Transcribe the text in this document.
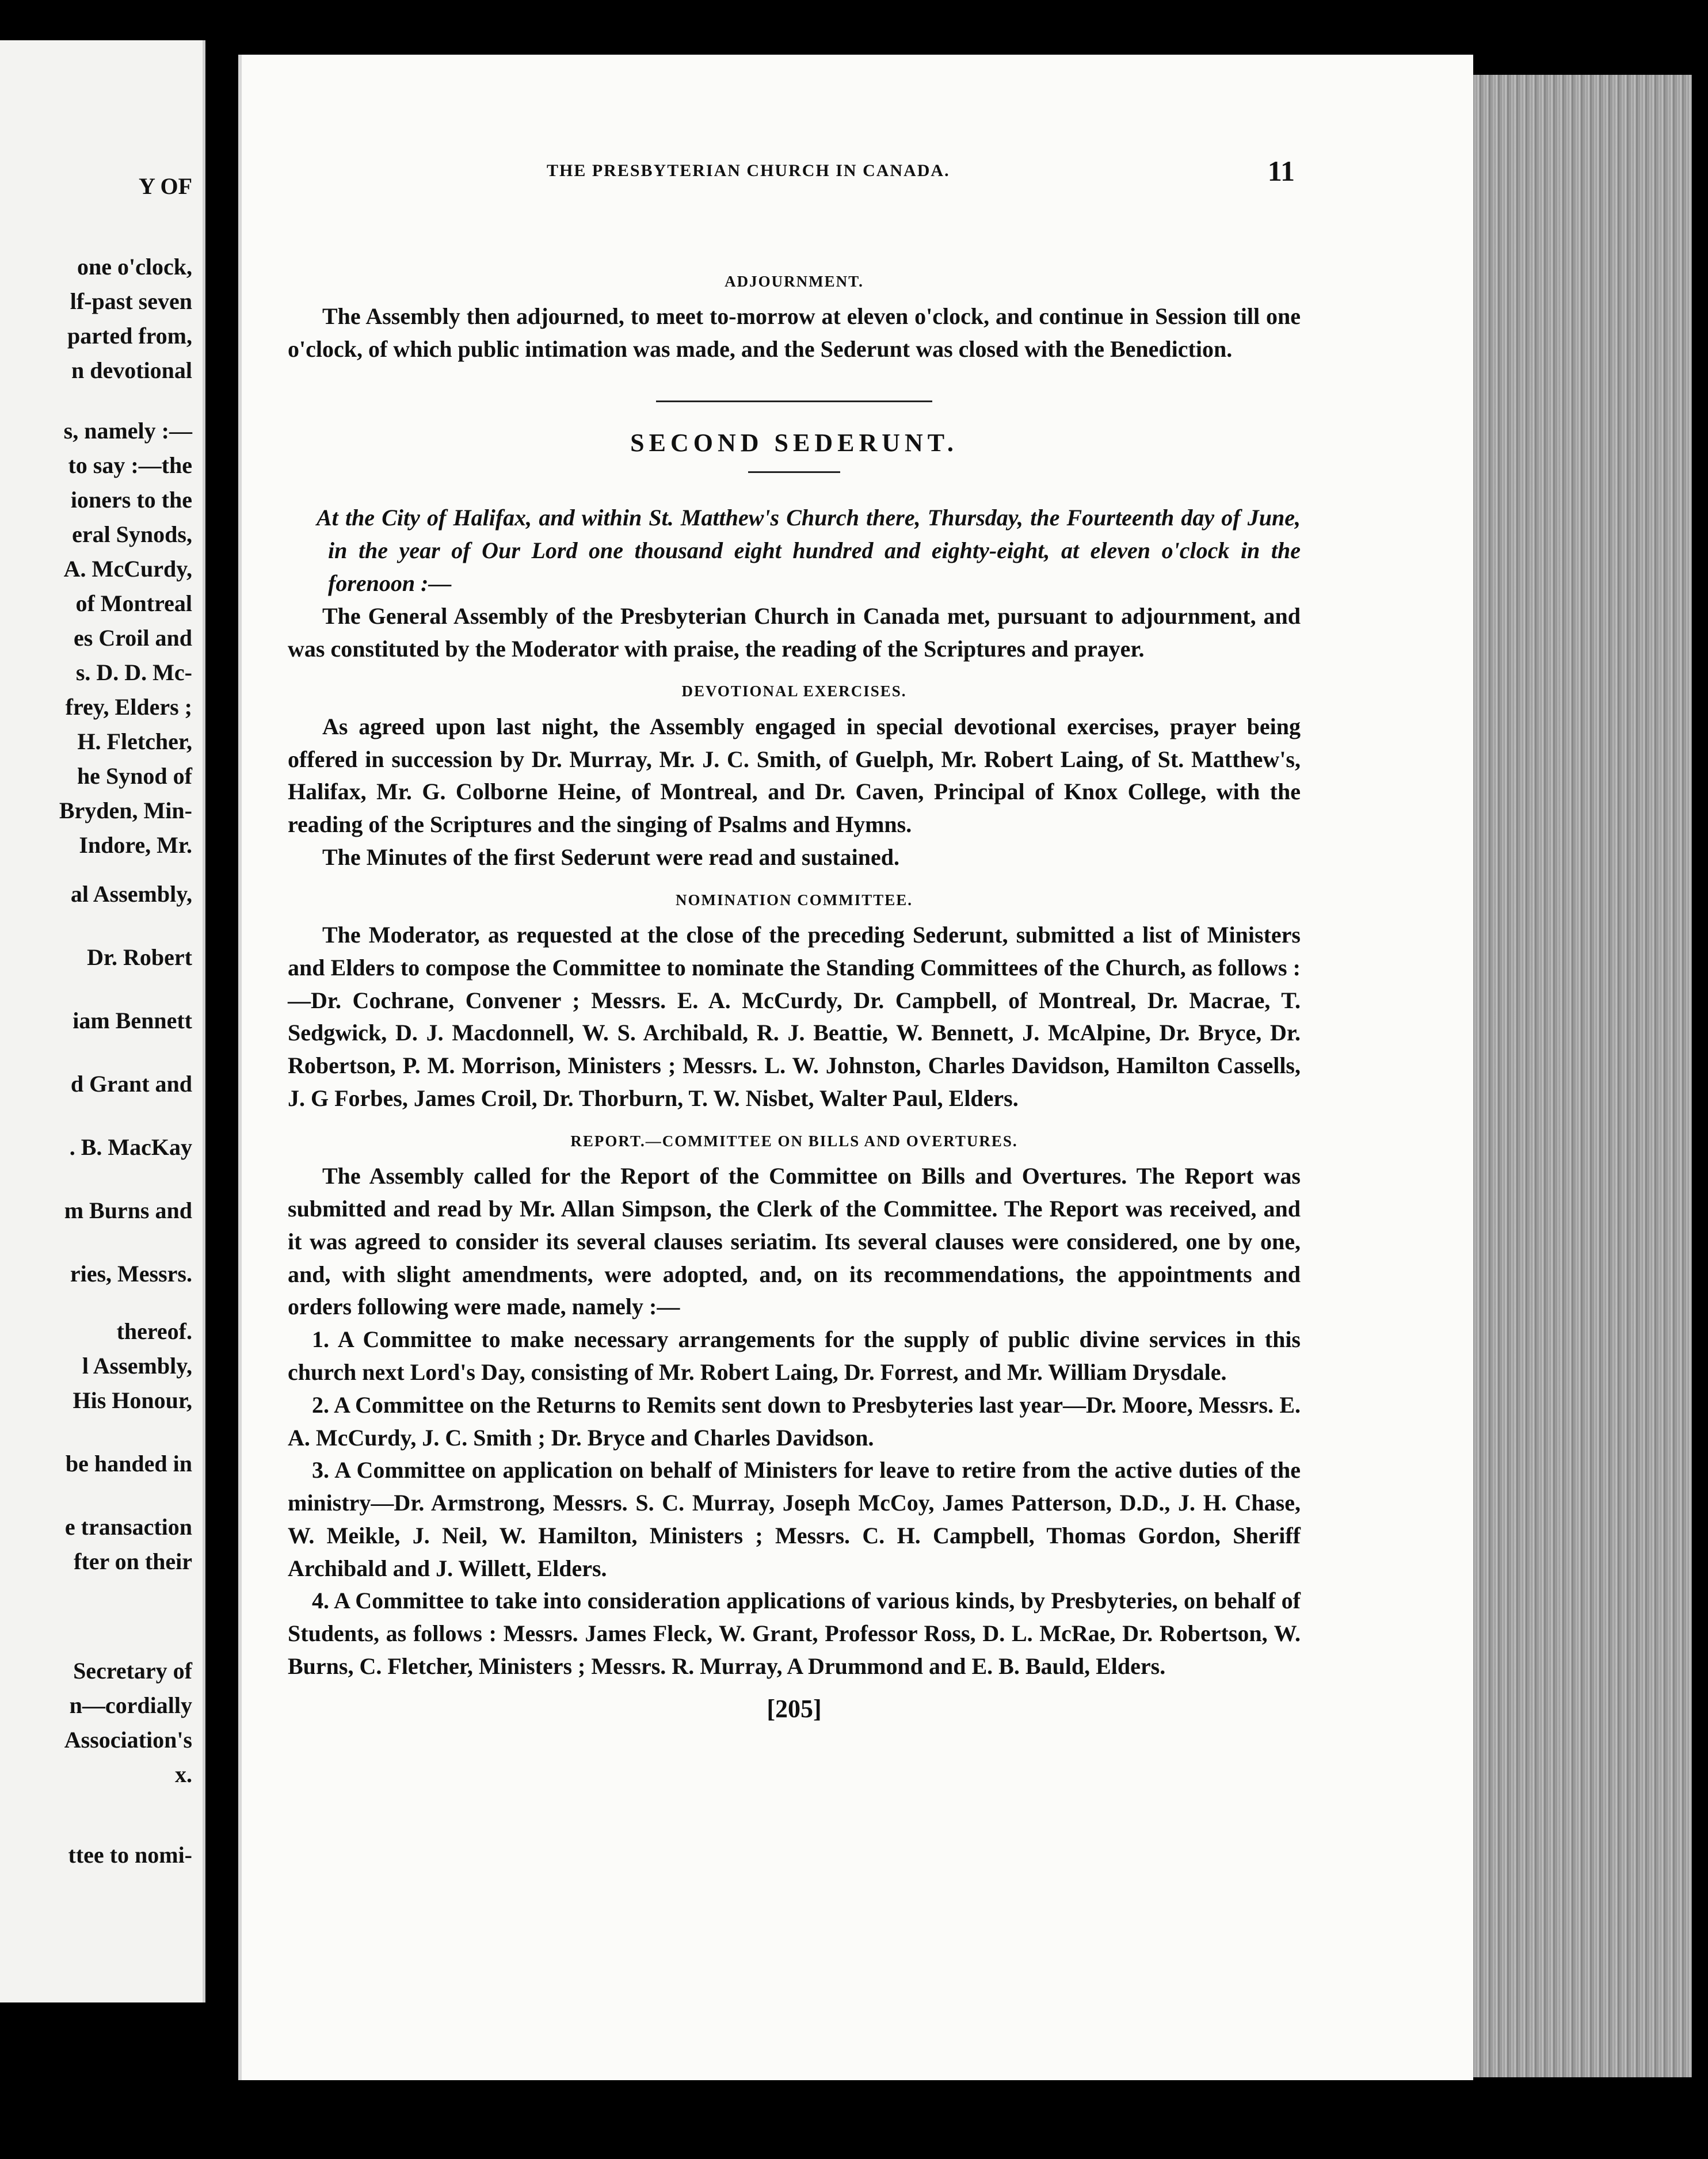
Y OF
one o'clock,
lf-past seven
parted from,
n devotional
s, namely :—
to say :—the
ioners to the
eral Synods,
A. McCurdy,
of Montreal
es Croil and
s. D. D. Mc-
frey, Elders ;
H. Fletcher,
he Synod of
Bryden, Min-
Indore, Mr.
al Assembly,
Dr. Robert
iam Bennett
d Grant and
. B. MacKay
m Burns and
ries, Messrs.
thereof.
l Assembly,
His Honour,
be handed in
e transaction
fter on their
Secretary of
n—cordially
Association's
x.
ttee to nomi-
THE PRESBYTERIAN CHURCH IN CANADA.	11
ADJOURNMENT.

The Assembly then adjourned, to meet to-morrow at eleven o'clock, and continue in Session till one o'clock, of which public intimation was made, and the Sederunt was closed with the Benediction.

SECOND SEDERUNT.

At the City of Halifax, and within St. Matthew's Church there, Thursday, the Fourteenth day of June, in the year of Our Lord one thousand eight hundred and eighty-eight, at eleven o'clock in the forenoon :—

The General Assembly of the Presbyterian Church in Canada met, pursuant to adjournment, and was constituted by the Moderator with praise, the reading of the Scriptures and prayer.

DEVOTIONAL EXERCISES.

As agreed upon last night, the Assembly engaged in special devotional exercises, prayer being offered in succession by Dr. Murray, Mr. J. C. Smith, of Guelph, Mr. Robert Laing, of St. Matthew's, Halifax, Mr. G. Colborne Heine, of Montreal, and Dr. Caven, Principal of Knox College, with the reading of the Scriptures and the singing of Psalms and Hymns.

The Minutes of the first Sederunt were read and sustained.

NOMINATION COMMITTEE.

The Moderator, as requested at the close of the preceding Sederunt, submitted a list of Ministers and Elders to compose the Committee to nominate the Standing Committees of the Church, as follows :—Dr. Cochrane, Convener ; Messrs. E. A. McCurdy, Dr. Campbell, of Montreal, Dr. Macrae, T. Sedgwick, D. J. Macdonnell, W. S. Archibald, R. J. Beattie, W. Bennett, J. McAlpine, Dr. Bryce, Dr. Robertson, P. M. Morrison, Ministers ; Messrs. L. W. Johnston, Charles Davidson, Hamilton Cassells, J. G Forbes, James Croil, Dr. Thorburn, T. W. Nisbet, Walter Paul, Elders.

REPORT.—COMMITTEE ON BILLS AND OVERTURES.

The Assembly called for the Report of the Committee on Bills and Overtures. The Report was submitted and read by Mr. Allan Simpson, the Clerk of the Committee. The Report was received, and it was agreed to consider its several clauses seriatim. Its several clauses were considered, one by one, and, with slight amendments, were adopted, and, on its recommendations, the appointments and orders following were made, namely :—

1. A Committee to make necessary arrangements for the supply of public divine services in this church next Lord's Day, consisting of Mr. Robert Laing, Dr. Forrest, and Mr. William Drysdale.

2. A Committee on the Returns to Remits sent down to Presbyteries last year—Dr. Moore, Messrs. E. A. McCurdy, J. C. Smith ; Dr. Bryce and Charles Davidson.

3. A Committee on application on behalf of Ministers for leave to retire from the active duties of the ministry—Dr. Armstrong, Messrs. S. C. Murray, Joseph McCoy, James Patterson, D.D., J. H. Chase, W. Meikle, J. Neil, W. Hamilton, Ministers ; Messrs. C. H. Campbell, Thomas Gordon, Sheriff Archibald and J. Willett, Elders.

4. A Committee to take into consideration applications of various kinds, by Presbyteries, on behalf of Students, as follows : Messrs. James Fleck, W. Grant, Professor Ross, D. L. McRae, Dr. Robertson, W. Burns, C. Fletcher, Ministers ; Messrs. R. Murray, A Drummond and E. B. Bauld, Elders.

[205]
